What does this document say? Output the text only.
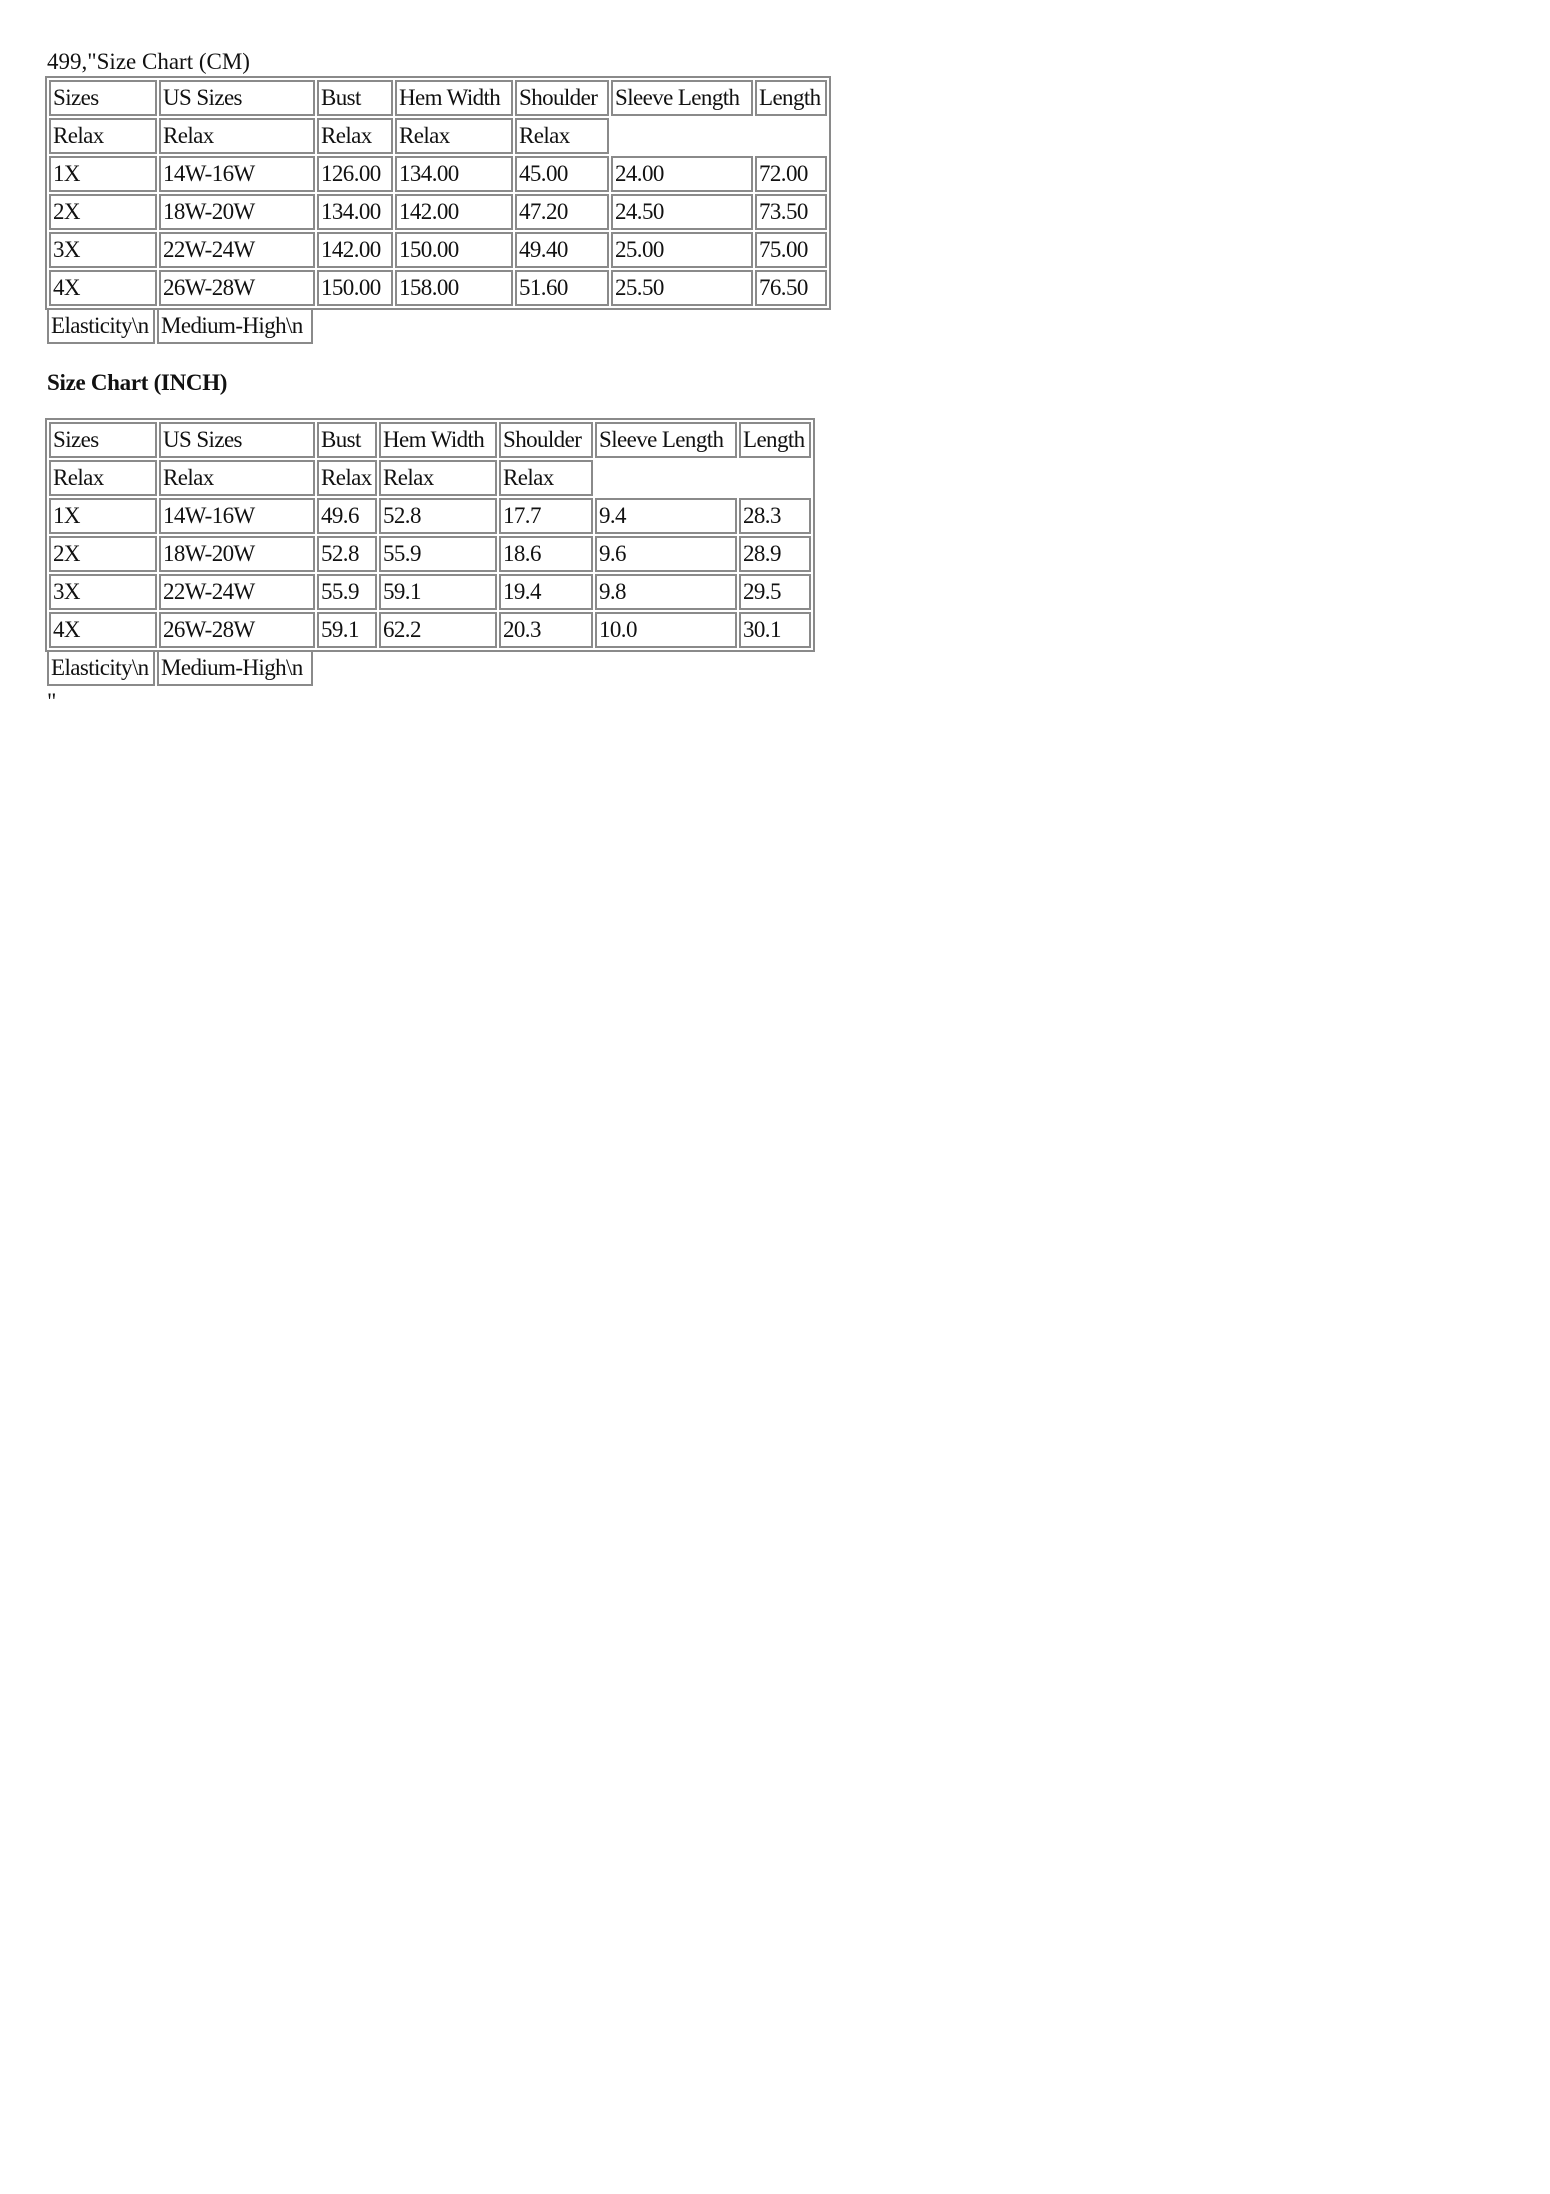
499,"Size Chart (CM)
Sizes	US Sizes	Bust	Hem Width	Shoulder	Sleeve Length	Length
Relax	Relax	Relax	Relax	Relax		
1X	14W-16W	126.00	134.00	45.00	24.00	72.00
2X	18W-20W	134.00	142.00	47.20	24.50	73.50
3X	22W-24W	142.00	150.00	49.40	25.00	75.00
4X	26W-28W	150.00	158.00	51.60	25.50	76.50
Elasticity\n	Medium-High\n
Size Chart (INCH)
Sizes	US Sizes	Bust	Hem Width	Shoulder	Sleeve Length	Length
Relax	Relax	Relax	Relax	Relax		
1X	14W-16W	49.6	52.8	17.7	9.4	28.3
2X	18W-20W	52.8	55.9	18.6	9.6	28.9
3X	22W-24W	55.9	59.1	19.4	9.8	29.5
4X	26W-28W	59.1	62.2	20.3	10.0	30.1
Elasticity\n	Medium-High\n
"
